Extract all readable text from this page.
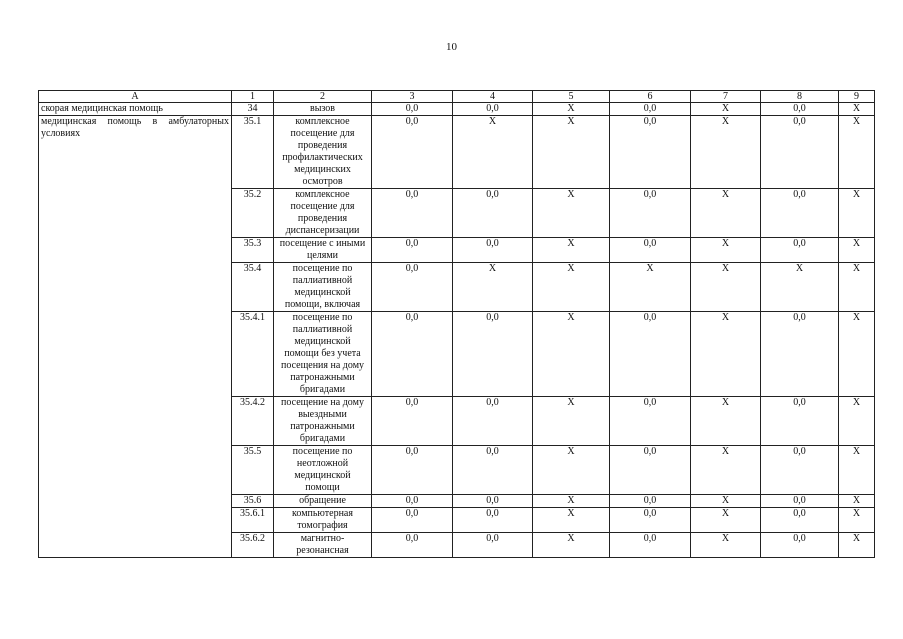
10
А	1	2	3	4	5	6	7	8	9
скорая медицинская помощь	34	вызов	0,0	0,0	X	0,0	X	0,0	X
медицинская помощь в амбулаторных условиях	35.1	комплексное посещение для проведения профилактических медицинских осмотров	0,0	X	X	0,0	X	0,0	X
	35.2	комплексное посещение для проведения диспансеризации	0,0	0,0	X	0,0	X	0,0	X
	35.3	посещение с иными целями	0,0	0,0	X	0,0	X	0,0	X
	35.4	посещение по паллиативной медицинской помощи, включая	0,0	X	X	X	X	X	X
	35.4.1	посещение по паллиативной медицинской помощи без учета посещения на дому патронажными бригадами	0,0	0,0	X	0,0	X	0,0	X
	35.4.2	посещение на дому выездными патронажными бригадами	0,0	0,0	X	0,0	X	0,0	X
	35.5	посещение по неотложной медицинской помощи	0,0	0,0	X	0,0	X	0,0	X
	35.6	обращение	0,0	0,0	X	0,0	X	0,0	X
	35.6.1	компьютерная томография	0,0	0,0	X	0,0	X	0,0	X
	35.6.2	магнитно-резонансная	0,0	0,0	X	0,0	X	0,0	X
